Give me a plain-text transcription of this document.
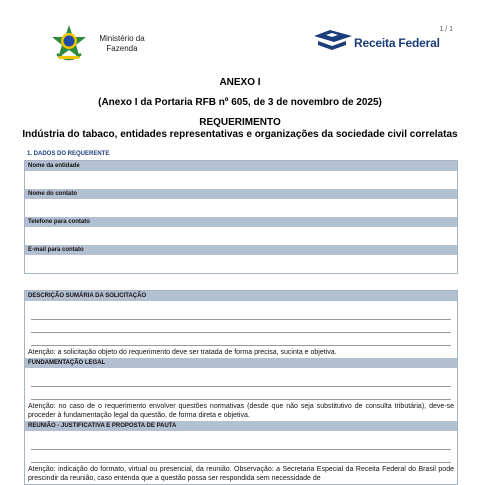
1 / 1
Ministério da
Fazenda	Receita Federal
ANEXO I
(Anexo I da Portaria RFB nº 605, de 3 de novembro de 2025)
REQUERIMENTO
Indústria do tabaco, entidades representativas e organizações da sociedade civil correlatas
1. DADOS DO REQUERENTE
Nome da entidade
Nome do contato
Telefone para contato
E-mail para contato
DESCRIÇÃO SUMÁRIA DA SOLICITAÇÃO
Atenção: a solicitação objeto do requerimento deve ser tratada de forma precisa, sucinta e objetiva.
FUNDAMENTAÇÃO LEGAL
Atenção: no caso de o requerimento envolver questões normativas (desde que não seja substitutivo de consulta tributária), deve-se proceder à fundamentação legal da questão, de forma direta e objetiva.
REUNIÃO - JUSTIFICATIVA E PROPOSTA DE PAUTA
Atenção: indicação do formato, virtual ou presencial, da reunião. Observação: a Secretaria Especial da Receita Federal do Brasil pode prescindir da reunião, caso entenda que a questão possa ser respondida sem necessidade de
